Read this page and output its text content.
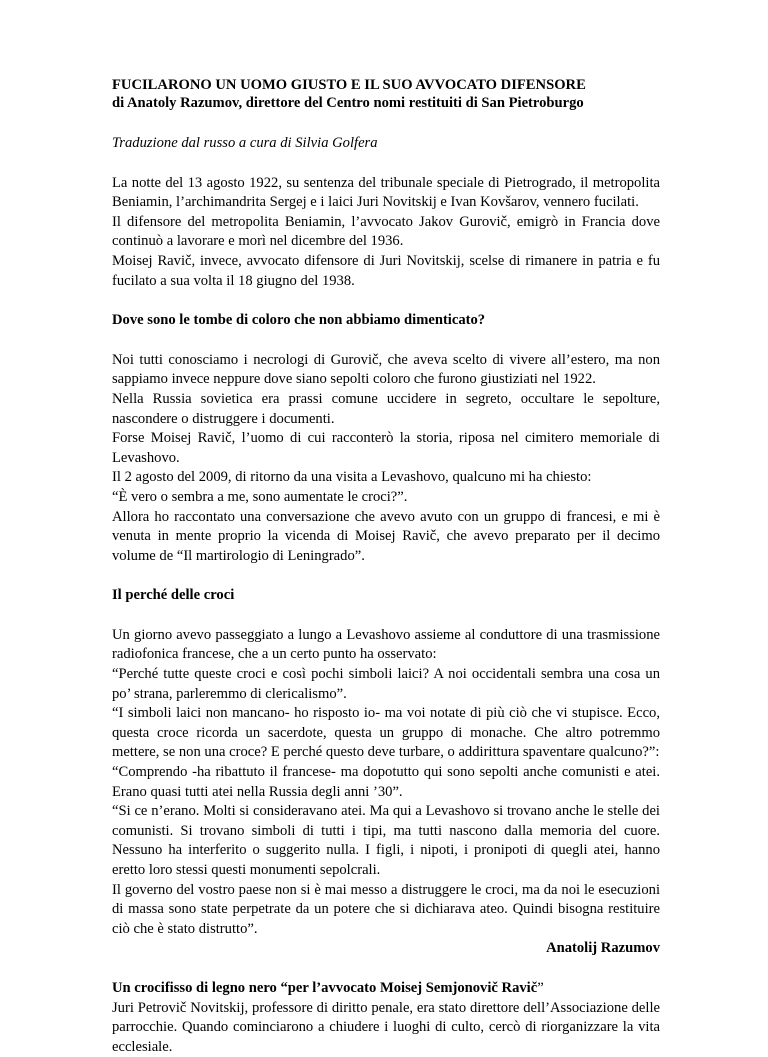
FUCILARONO UN UOMO GIUSTO E IL SUO AVVOCATO DIFENSORE

di Anatoly Razumov, direttore del Centro nomi restituiti di San Pietroburgo

Traduzione dal russo a cura di Silvia Golfera

La notte del 13 agosto 1922, su sentenza del tribunale speciale di Pietrogrado, il metropolita Beniamin, l’archimandrita Sergej e i laici Juri Novitskij e Ivan Kovšarov, vennero fucilati.

Il difensore del metropolita Beniamin, l’avvocato Jakov Gurovič, emigrò in Francia dove continuò a lavorare e morì nel dicembre del 1936.

Moisej Ravič, invece, avvocato difensore di Juri Novitskij, scelse di rimanere in patria e fu fucilato a sua volta il 18 giugno del 1938.

Dove sono le tombe di coloro che non abbiamo dimenticato?

Noi tutti conosciamo i necrologi di Gurovič, che aveva scelto di vivere all’estero, ma non sappiamo invece neppure dove siano sepolti coloro che furono giustiziati nel 1922.

Nella Russia sovietica era prassi comune uccidere in segreto, occultare le sepolture, nascondere o distruggere i documenti.

Forse Moisej Ravič, l’uomo di cui racconterò la storia, riposa nel cimitero memoriale di Levashovo.

Il 2 agosto del 2009, di ritorno da una visita a Levashovo, qualcuno mi ha chiesto:

“È vero o sembra a me, sono aumentate le croci?”.

Allora ho raccontato una conversazione che avevo avuto con un gruppo di francesi, e mi è venuta in mente proprio la vicenda di Moisej Ravič, che avevo preparato per il decimo volume de “Il martirologio di Leningrado”.

Il perché delle croci

Un giorno avevo passeggiato a lungo a Levashovo assieme al conduttore di una trasmissione radiofonica francese, che a un certo punto ha osservato:

“Perché tutte queste croci e così pochi simboli laici? A noi occidentali sembra una cosa un po’ strana, parleremmo di clericalismo”.

“I simboli laici non mancano- ho risposto io- ma voi notate di più ciò che vi stupisce. Ecco, questa croce ricorda un sacerdote, questa un gruppo di monache. Che altro potremmo mettere, se non una croce? E perché questo deve turbare, o addirittura spaventare qualcuno?”:

“Comprendo -ha ribattuto il francese- ma dopotutto qui sono sepolti anche comunisti e atei. Erano quasi tutti atei nella Russia degli anni ’30”.

“Si ce n’erano. Molti si consideravano atei. Ma qui a Levashovo si trovano anche le stelle dei comunisti. Si trovano simboli di tutti i tipi, ma tutti nascono dalla memoria del cuore. Nessuno ha interferito o suggerito nulla. I figli, i nipoti, i pronipoti di quegli atei, hanno eretto loro stessi questi monumenti sepolcrali.

Il governo del vostro paese non si è mai messo a distruggere le croci, ma da noi le esecuzioni di massa sono state perpetrate da un potere che si dichiarava ateo. Quindi bisogna restituire ciò che è stato distrutto”.

Anatolij Razumov

Un crocifisso di legno nero “per l’avvocato Moisej Semjonovič Ravič”

Juri Petrovič Novitskij, professore di diritto penale, era stato direttore dell’Associazione delle parrocchie. Quando cominciarono a chiudere i luoghi di culto, cercò di riorganizzare la vita ecclesiale.
